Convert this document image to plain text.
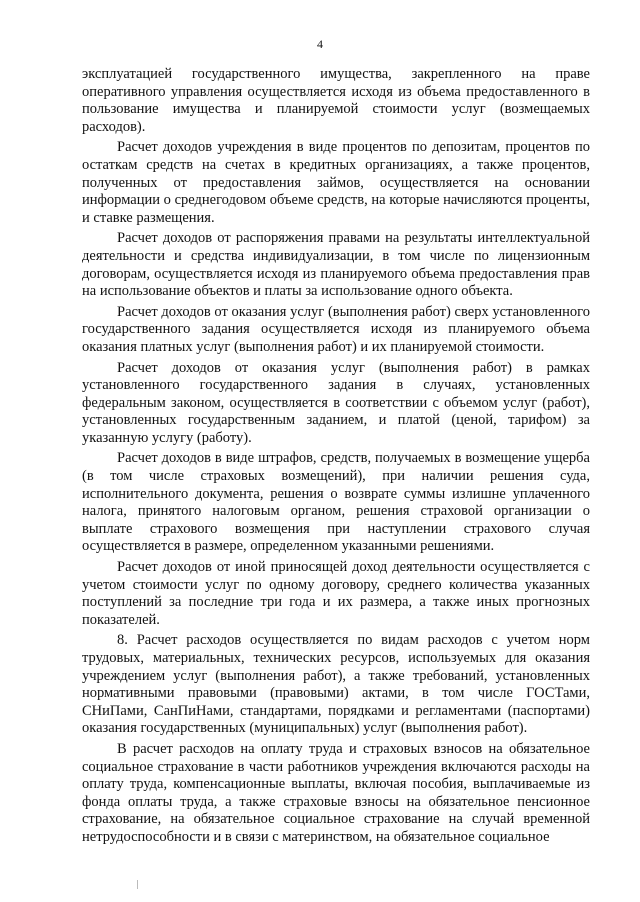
4

эксплуатацией государственного имущества, закрепленного на праве оперативного управления осуществляется исходя из объема предоставленного в пользование имущества и планируемой стоимости услуг (возмещаемых расходов).

Расчет доходов учреждения в виде процентов по депозитам, процентов по остаткам средств на счетах в кредитных организациях, а также процентов, полученных от предоставления займов, осуществляется на основании информации о среднегодовом объеме средств, на которые начисляются проценты, и ставке размещения.

Расчет доходов от распоряжения правами на результаты интеллектуальной деятельности и средства индивидуализации, в том числе по лицензионным договорам, осуществляется исходя из планируемого объема предоставления прав на использование объектов и платы за использование одного объекта.

Расчет доходов от оказания услуг (выполнения работ) сверх установленного государственного задания осуществляется исходя из планируемого объема оказания платных услуг (выполнения работ) и их планируемой стоимости.

Расчет доходов от оказания услуг (выполнения работ) в рамках установленного государственного задания в случаях, установленных федеральным законом, осуществляется в соответствии с объемом услуг (работ), установленных государственным заданием, и платой (ценой, тарифом) за указанную услугу (работу).

Расчет доходов в виде штрафов, средств, получаемых в возмещение ущерба (в том числе страховых возмещений), при наличии решения суда, исполнительного документа, решения о возврате суммы излишне уплаченного налога, принятого налоговым органом, решения страховой организации о выплате страхового возмещения при наступлении страхового случая осуществляется в размере, определенном указанными решениями.

Расчет доходов от иной приносящей доход деятельности осуществляется с учетом стоимости услуг по одному договору, среднего количества указанных поступлений за последние три года и их размера, а также иных прогнозных показателей.

8. Расчет расходов осуществляется по видам расходов с учетом норм трудовых, материальных, технических ресурсов, используемых для оказания учреждением услуг (выполнения работ), а также требований, установленных нормативными правовыми (правовыми) актами, в том числе ГОСТами, СНиПами, СанПиНами, стандартами, порядками и регламентами (паспортами) оказания государственных (муниципальных) услуг (выполнения работ).

В расчет расходов на оплату труда и страховых взносов на обязательное социальное страхование в части работников учреждения включаются расходы на оплату труда, компенсационные выплаты, включая пособия, выплачиваемые из фонда оплаты труда, а также страховые взносы на обязательное пенсионное страхование, на обязательное социальное страхование на случай временной нетрудоспособности и в связи с материнством, на обязательное социальное
